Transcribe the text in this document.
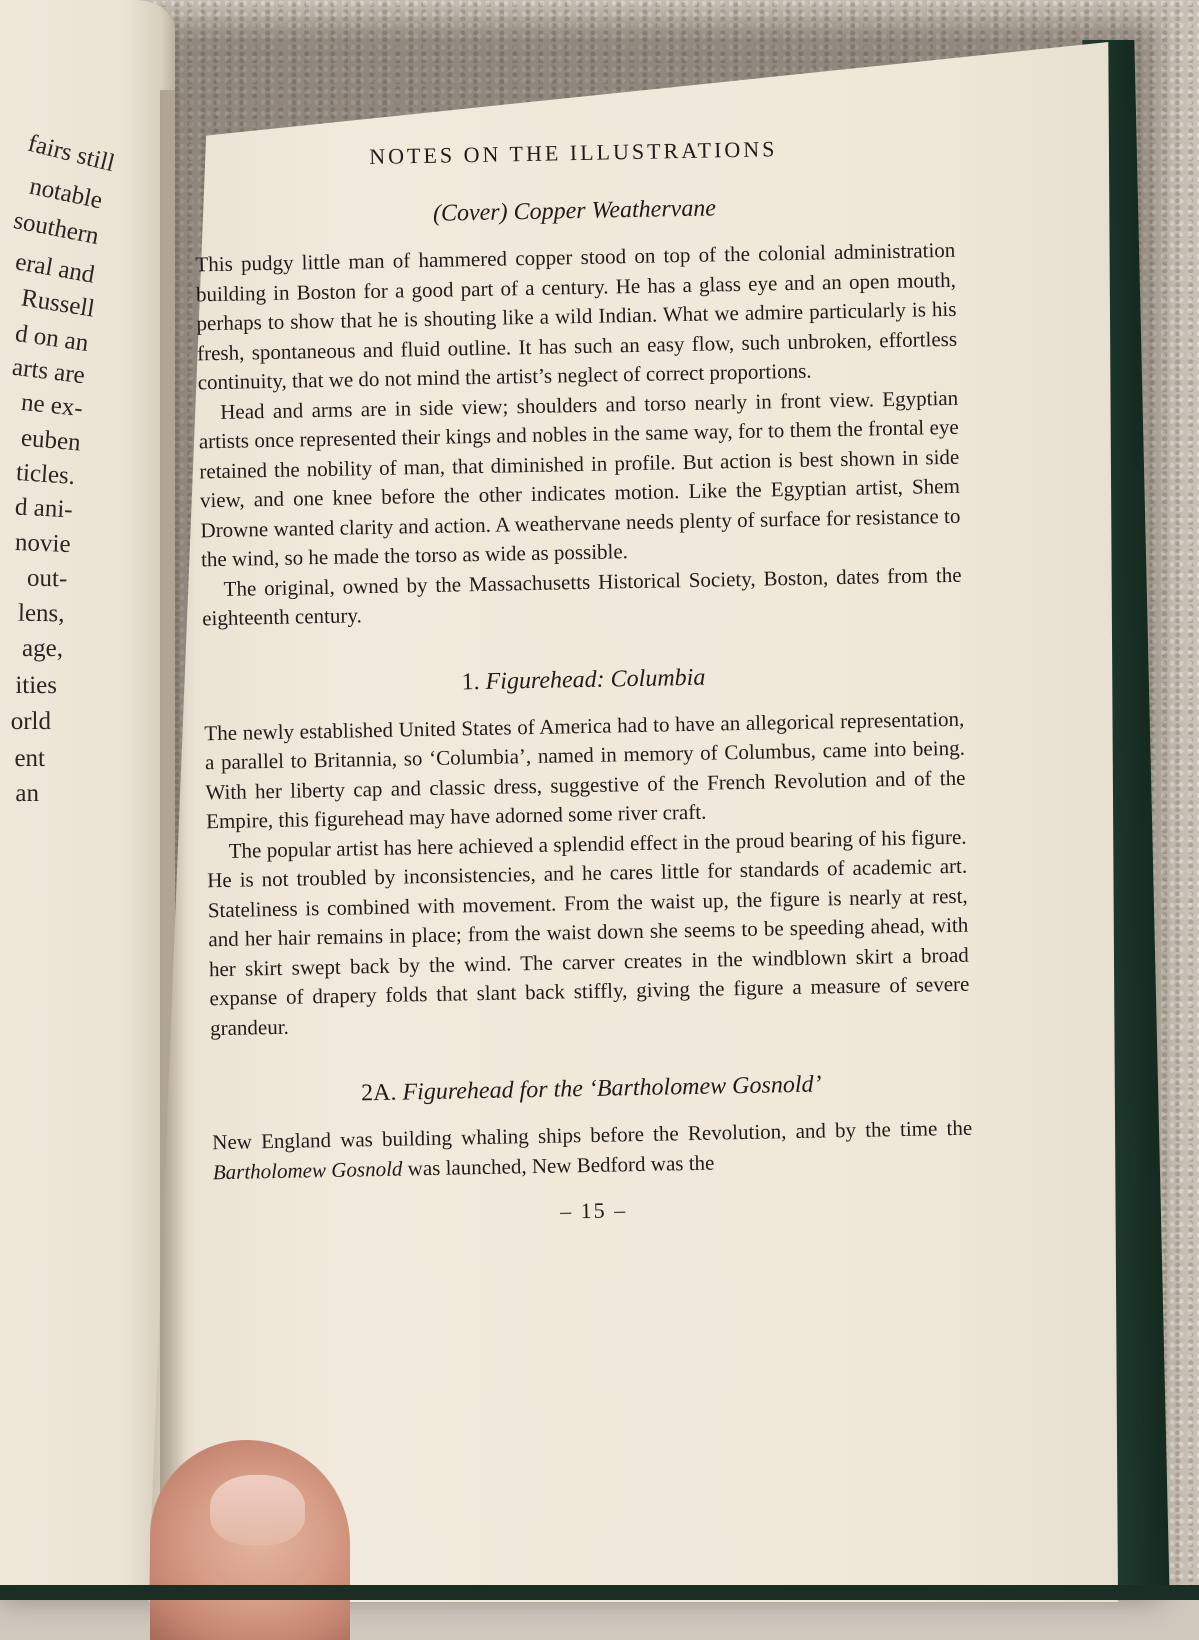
fairs still
notable
southern
eral and
Russell
d on an
arts are
ne ex-
euben
ticles.
d ani-
novie
out-
lens,
age,
ities
orld
ent
an
NOTES ON THE ILLUSTRATIONS
(Cover) Copper Weathervane

This pudgy little man of hammered copper stood on top of the colonial administration building in Boston for a good part of a century. He has a glass eye and an open mouth, perhaps to show that he is shouting like a wild Indian. What we admire particularly is his fresh, spontaneous and fluid outline. It has such an easy flow, such unbroken, effortless continuity, that we do not mind the artist’s neglect of correct proportions.

Head and arms are in side view; shoulders and torso nearly in front view. Egyptian artists once represented their kings and nobles in the same way, for to them the frontal eye retained the nobility of man, that diminished in profile. But action is best shown in side view, and one knee before the other indicates motion. Like the Egyptian artist, Shem Drowne wanted clarity and action. A weathervane needs plenty of surface for resistance to the wind, so he made the torso as wide as possible.

The original, owned by the Massachusetts Historical Society, Boston, dates from the eighteenth century.

1. Figurehead: Columbia

The newly established United States of America had to have an allegorical representation, a parallel to Britannia, so ‘Columbia’, named in memory of Columbus, came into being. With her liberty cap and classic dress, suggestive of the French Revolution and of the Empire, this figurehead may have adorned some river craft.

The popular artist has here achieved a splendid effect in the proud bearing of his figure. He is not troubled by inconsistencies, and he cares little for standards of academic art. Stateliness is combined with movement. From the waist up, the figure is nearly at rest, and her hair remains in place; from the waist down she seems to be speeding ahead, with her skirt swept back by the wind. The carver creates in the windblown skirt a broad expanse of drapery folds that slant back stiffly, giving the figure a measure of severe grandeur.

2A. Figurehead for the ‘Bartholomew Gosnold’

New England was building whaling ships before the Revolution, and by the time the Bartholomew Gosnold was launched, New Bedford was the

– 15 –
